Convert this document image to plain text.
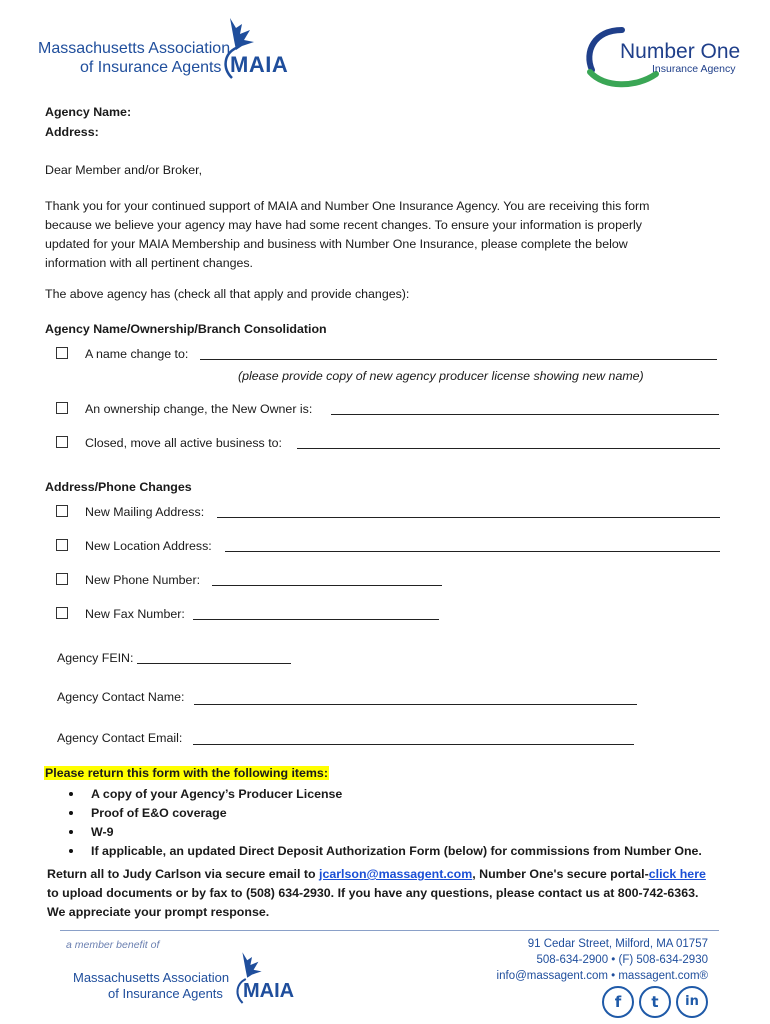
Massachusetts Association
of Insurance Agents MAIA
Number One
Insurance Agency
Agency Name:
Address:
Dear Member and/or Broker,
Thank you for your continued support of MAIA and Number One Insurance Agency. You are receiving this form
because we believe your agency may have had some recent changes. To ensure your information is properly
updated for your MAIA Membership and business with Number One Insurance, please complete the below
information with all pertinent changes.
The above agency has (check all that apply and provide changes):
Agency Name/Ownership/Branch Consolidation
A name change to:
(please provide copy of new agency producer license showing new name)
An ownership change, the New Owner is:
Closed, move all active business to:
Address/Phone Changes
New Mailing Address:
New Location Address:
New Phone Number:
New Fax Number:
Agency FEIN:
Agency Contact Name:
Agency Contact Email:
Please return this form with the following items:
A copy of your Agency’s Producer License
Proof of E&O coverage
W-9
If applicable, an updated Direct Deposit Authorization Form (below) for commissions from Number One.
Return all to Judy Carlson via secure email to jcarlson@massagent.com, Number One's secure portal-click here
to upload documents or by fax to (508) 634-2930. If you have any questions, please contact us at 800-742-6363.
We appreciate your prompt response.
a member benefit of
Massachusetts Association
of Insurance Agents MAIA
91 Cedar Street, Milford, MA 01757
508-634-2900 • (F) 508-634-2930
info@massagent.com • massagent.com®
f	t	in
